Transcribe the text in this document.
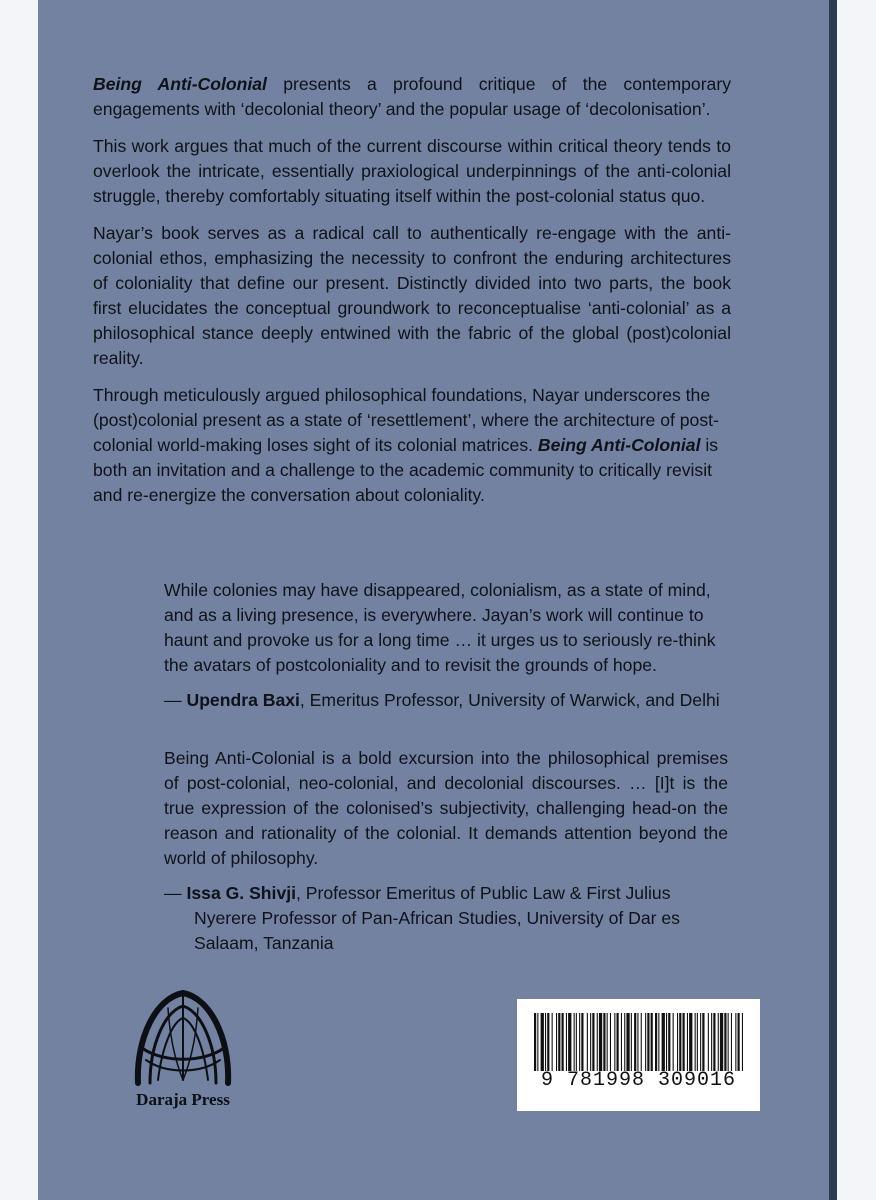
Being Anti-Colonial presents a profound critique of the contemporary engagements with ‘decolonial theory’ and the popular usage of ‘decolonisation’.

This work argues that much of the current discourse within critical theory tends to overlook the intricate, essentially praxiological underpinnings of the anti-colonial struggle, thereby comfortably situating itself within the post-colonial status quo.

Nayar’s book serves as a radical call to authentically re-engage with the anti-colonial ethos, emphasizing the necessity to confront the enduring architectures of coloniality that define our present. Distinctly divided into two parts, the book first elucidates the conceptual groundwork to reconceptualise ‘anti-colonial’ as a philosophical stance deeply entwined with the fabric of the global (post)colonial reality.

Through meticulously argued philosophical foundations, Nayar underscores the (post)colonial present as a state of ‘resettlement’, where the architecture of post-colonial world-making loses sight of its colonial matrices. Being Anti-Colonial is both an invitation and a challenge to the academic community to critically revisit and re-energize the conversation about coloniality.

While colonies may have disappeared, colonialism, as a state of mind, and as a living presence, is everywhere. Jayan’s work will continue to haunt and provoke us for a long time … it urges us to seriously re-think the avatars of postcoloniality and to revisit the grounds of hope.

— Upendra Baxi, Emeritus Professor, University of Warwick, and Delhi

Being Anti-Colonial is a bold excursion into the philosophical premises of post-colonial, neo-colonial, and decolonial discourses. … [I]t is the true expression of the colonised’s subjectivity, challenging head-on the reason and rationality of the colonial. It demands attention beyond the world of philosophy.

— Issa G. Shivji, Professor Emeritus of Public Law & First Julius Nyerere Professor of Pan-African Studies, University of Dar es Salaam, Tanzania

Daraja Press
9 781998 309016
